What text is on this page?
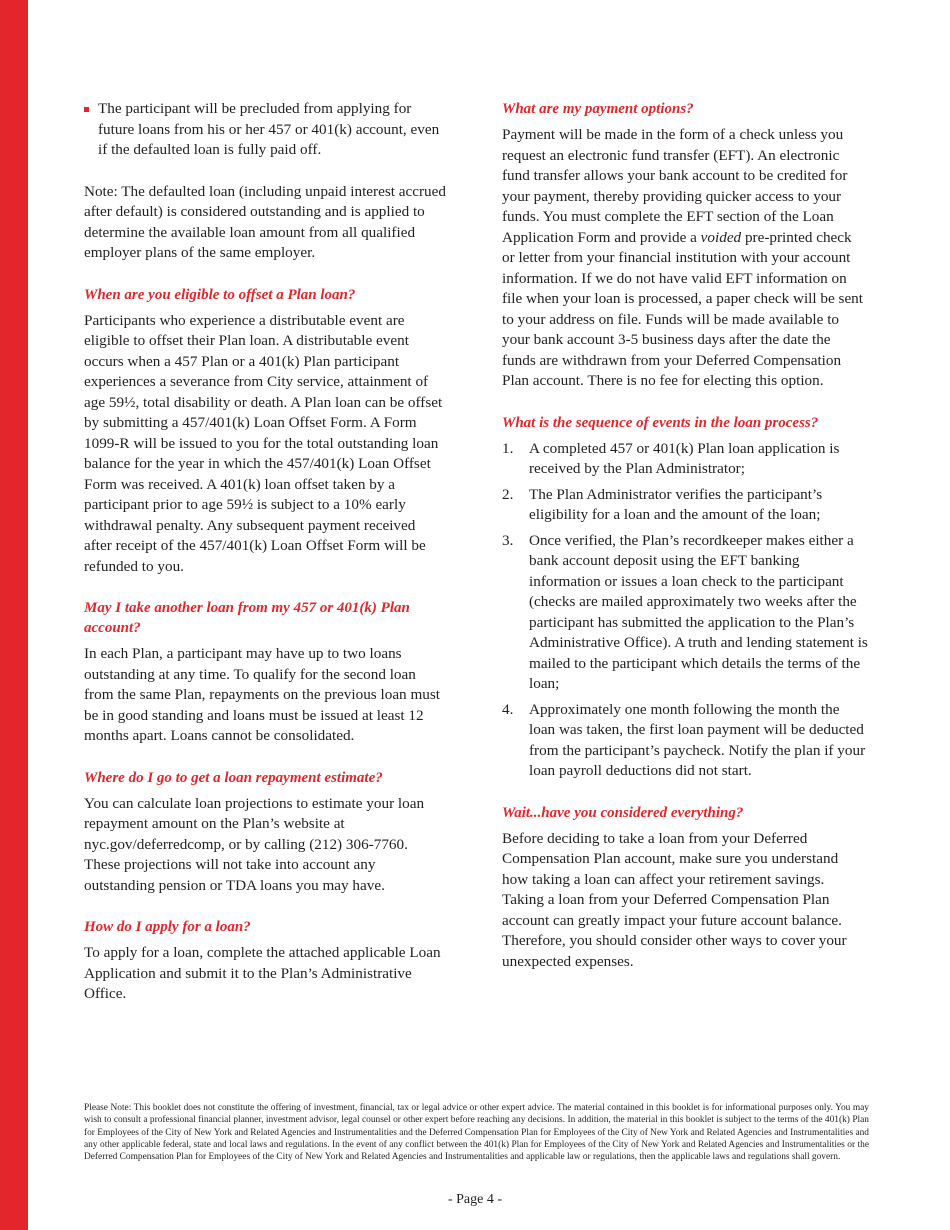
The participant will be precluded from applying for future loans from his or her 457 or 401(k) account, even if the defaulted loan is fully paid off.

Note: The defaulted loan (including unpaid interest accrued after default) is considered outstanding and is applied to determine the available loan amount from all qualified employer plans of the same employer.

When are you eligible to offset a Plan loan?

Participants who experience a distributable event are eligible to offset their Plan loan. A distributable event occurs when a 457 Plan or a 401(k) Plan participant experiences a severance from City service, attainment of age 59½, total disability or death. A Plan loan can be offset by submitting a 457/401(k) Loan Offset Form. A Form 1099-R will be issued to you for the total outstanding loan balance for the year in which the 457/401(k) Loan Offset Form was received. A 401(k) loan offset taken by a participant prior to age 59½ is subject to a 10% early withdrawal penalty. Any subsequent payment received after receipt of the 457/401(k) Loan Offset Form will be refunded to you.

May I take another loan from my 457 or 401(k) Plan account?

In each Plan, a participant may have up to two loans outstanding at any time. To qualify for the second loan from the same Plan, repayments on the previous loan must be in good standing and loans must be issued at least 12 months apart. Loans cannot be consolidated.

Where do I go to get a loan repayment estimate?

You can calculate loan projections to estimate your loan repayment amount on the Plan’s website at nyc.gov/deferredcomp, or by calling (212) 306-7760. These projections will not take into account any outstanding pension or TDA loans you may have.

How do I apply for a loan?

To apply for a loan, complete the attached applicable Loan Application and submit it to the Plan’s Administrative Office.

What are my payment options?

Payment will be made in the form of a check unless you request an electronic fund transfer (EFT). An electronic fund transfer allows your bank account to be credited for your payment, thereby providing quicker access to your funds. You must complete the EFT section of the Loan Application Form and provide a voided pre-printed check or letter from your financial institution with your account information. If we do not have valid EFT information on file when your loan is processed, a paper check will be sent to your address on file. Funds will be made available to your bank account 3-5 business days after the date the funds are withdrawn from your Deferred Compensation Plan account. There is no fee for electing this option.

What is the sequence of events in the loan process?

1. A completed 457 or 401(k) Plan loan application is received by the Plan Administrator;
2. The Plan Administrator verifies the participant’s eligibility for a loan and the amount of the loan;
3. Once verified, the Plan’s recordkeeper makes either a bank account deposit using the EFT banking information or issues a loan check to the participant (checks are mailed approximately two weeks after the participant has submitted the application to the Plan’s Administrative Office). A truth and lending statement is mailed to the participant which details the terms of the loan;
4. Approximately one month following the month the loan was taken, the first loan payment will be deducted from the participant’s paycheck. Notify the plan if your loan payroll deductions did not start.

Wait...have you considered everything?

Before deciding to take a loan from your Deferred Compensation Plan account, make sure you understand how taking a loan can affect your retirement savings. Taking a loan from your Deferred Compensation Plan account can greatly impact your future account balance. Therefore, you should consider other ways to cover your unexpected expenses.

Please Note: This booklet does not constitute the offering of investment, financial, tax or legal advice or other expert advice. The material contained in this booklet is for informational purposes only. You may wish to consult a professional financial planner, investment advisor, legal counsel or other expert before reaching any decisions. In addition, the material in this booklet is subject to the terms of the 401(k) Plan for Employees of the City of New York and Related Agencies and Instrumentalities and the Deferred Compensation Plan for Employees of the City of New York and Related Agencies and Instrumentalities and any other applicable federal, state and local laws and regulations. In the event of any conflict between the 401(k) Plan for Employees of the City of New York and Related Agencies and Instrumentalities or the Deferred Compensation Plan for Employees of the City of New York and Related Agencies and Instrumentalities and applicable law or regulations, then the applicable laws and regulations shall govern.

- Page 4 -
